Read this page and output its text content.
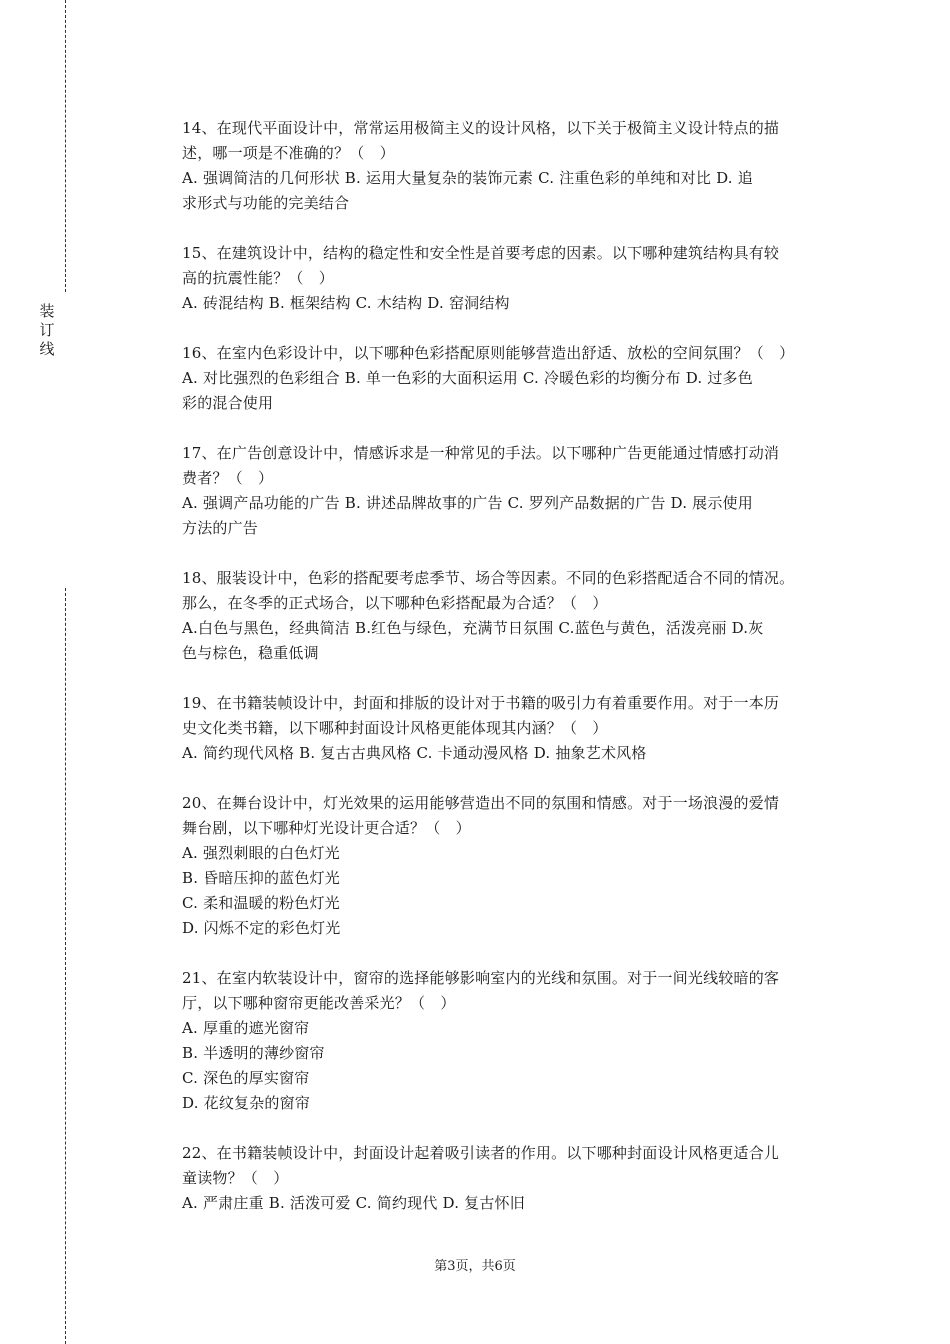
装
订
线

14、在现代平面设计中，常常运用极简主义的设计风格，以下关于极简主义设计特点的描

述，哪一项是不准确的？（　）

A. 强调简洁的几何形状 B. 运用大量复杂的装饰元素 C. 注重色彩的单纯和对比 D. 追

求形式与功能的完美结合

15、在建筑设计中，结构的稳定性和安全性是首要考虑的因素。以下哪种建筑结构具有较

高的抗震性能？（　）

A. 砖混结构 B. 框架结构 C. 木结构 D. 窑洞结构

16、在室内色彩设计中，以下哪种色彩搭配原则能够营造出舒适、放松的空间氛围？（　）

A. 对比强烈的色彩组合 B. 单一色彩的大面积运用 C. 冷暖色彩的均衡分布 D. 过多色

彩的混合使用

17、在广告创意设计中，情感诉求是一种常见的手法。以下哪种广告更能通过情感打动消

费者？（　）

A. 强调产品功能的广告 B. 讲述品牌故事的广告 C. 罗列产品数据的广告 D. 展示使用

方法的广告

18、服装设计中，色彩的搭配要考虑季节、场合等因素。不同的色彩搭配适合不同的情况。

那么，在冬季的正式场合，以下哪种色彩搭配最为合适？（　）

A.白色与黑色，经典简洁 B.红色与绿色，充满节日氛围 C.蓝色与黄色，活泼亮丽 D.灰

色与棕色，稳重低调

19、在书籍装帧设计中，封面和排版的设计对于书籍的吸引力有着重要作用。对于一本历

史文化类书籍，以下哪种封面设计风格更能体现其内涵？（　）

A. 简约现代风格 B. 复古古典风格 C. 卡通动漫风格 D. 抽象艺术风格

20、在舞台设计中，灯光效果的运用能够营造出不同的氛围和情感。对于一场浪漫的爱情

舞台剧，以下哪种灯光设计更合适？（　）

A. 强烈刺眼的白色灯光

B. 昏暗压抑的蓝色灯光

C. 柔和温暖的粉色灯光

D. 闪烁不定的彩色灯光

21、在室内软装设计中，窗帘的选择能够影响室内的光线和氛围。对于一间光线较暗的客

厅，以下哪种窗帘更能改善采光？（　）

A. 厚重的遮光窗帘

B. 半透明的薄纱窗帘

C. 深色的厚实窗帘

D. 花纹复杂的窗帘

22、在书籍装帧设计中，封面设计起着吸引读者的作用。以下哪种封面设计风格更适合儿

童读物？（　）

A. 严肃庄重 B. 活泼可爱 C. 简约现代 D. 复古怀旧

第3页，共6页
